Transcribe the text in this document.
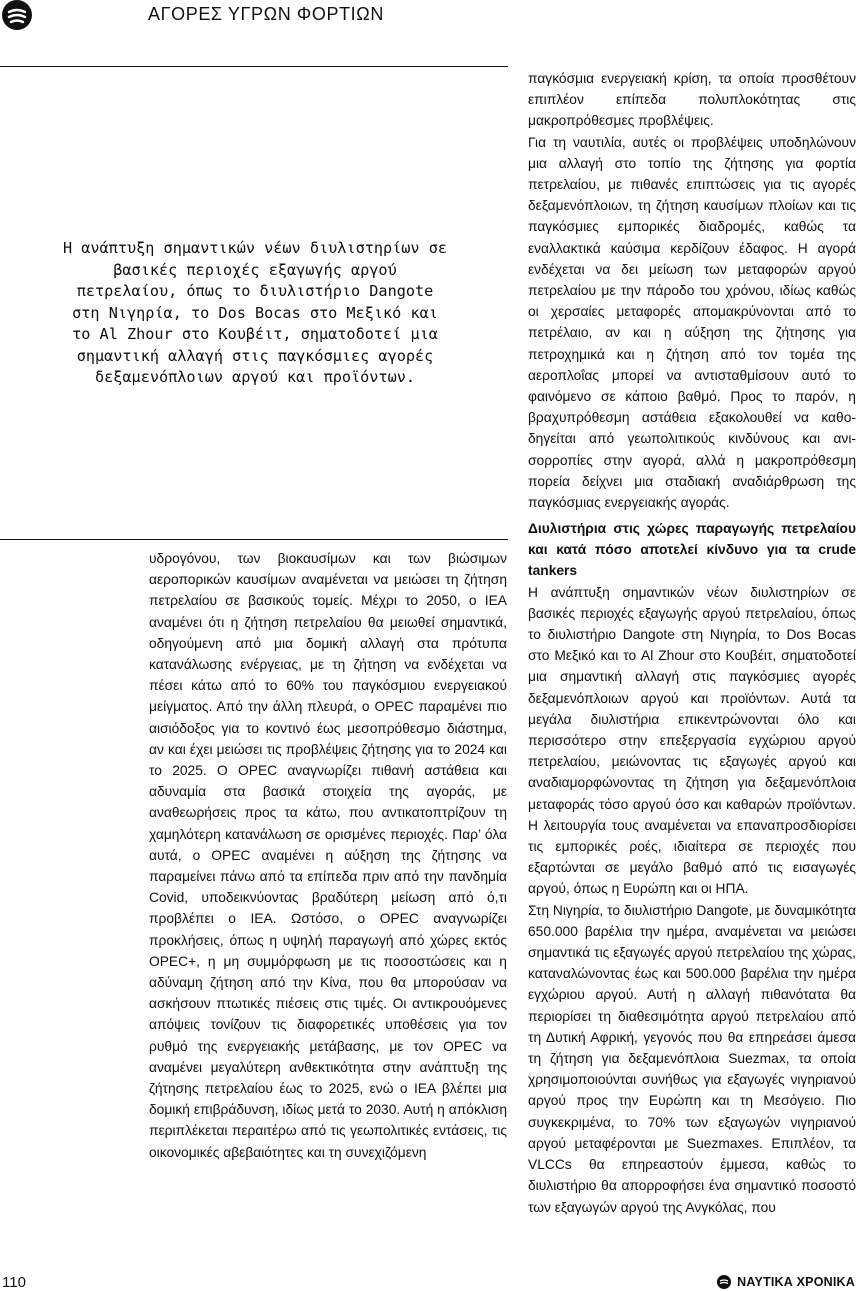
ΑΓΟΡΕΣ ΥΓΡΩΝ ΦΟΡΤΙΩΝ
Η ανάπτυξη σημαντικών νέων διυλιστηρίων σε βασικές περιοχές εξαγωγής αργού πετρελαίου, όπως το διυλιστήριο Dangote στη Νιγηρία, το Dos Bocas στο Μεξικό και το Al Zhour στο Κουβέιτ, σηματοδοτεί μια σημαντική αλλαγή στις παγκόσμιες αγορές δεξαμενόπλοιων αργού και προϊόντων.

υδρογόνου, των βιοκαυσίμων και των βιώσιμων αεροπορικών καυσίμων αναμένεται να μειώσει τη ζήτηση πετρελαίου σε βασικούς τομείς. Μέχρι το 2050, ο IEA αναμένει ότι η ζήτηση πετρελαίου θα μειωθεί σημαντικά, οδηγούμενη από μια δομική αλλαγή στα πρότυπα κατανάλωσης ενέργειας, με τη ζήτηση να ενδέχεται να πέσει κάτω από το 60% του παγκόσμιου ενεργειακού μείγματος. Από την άλλη πλευρά, ο OPEC παραμένει πιο αισιόδοξος για το κοντινό έως μεσοπρόθεσμο διάστημα, αν και έχει μειώσει τις προβλέψεις ζήτησης για το 2024 και το 2025. Ο OPEC αναγνωρίζει πιθανή αστάθεια και αδυναμία στα βασικά στοιχεία της αγοράς, με αναθεωρήσεις προς τα κάτω, που αντικατοπτρίζουν τη χαμηλότερη κατανάλωση σε ορισμένες περιοχές. Παρ’ όλα αυτά, ο OPEC αναμένει η αύξηση της ζήτησης να παραμείνει πάνω από τα επίπεδα πριν από την πανδημία Covid, υποδεικνύοντας βραδύτερη μείωση από ό,τι προβλέπει ο IEA. Ωστόσο, ο OPEC αναγνωρίζει προκλήσεις, όπως η υψηλή παραγωγή από χώρες εκτός OPEC+, η μη συμμόρφωση με τις ποσοστώσεις και η αδύναμη ζήτηση από την Κίνα, που θα μπορούσαν να ασκήσουν πτωτικές πιέσεις στις τιμές. Οι αντικρουόμενες απόψεις τονίζουν τις διαφορετικές υποθέσεις για τον ρυθμό της ενεργειακής μετάβασης, με τον OPEC να αναμένει μεγαλύτερη ανθεκτικότητα στην ανάπτυξη της ζήτησης πετρελαίου έως το 2025, ενώ ο IEA βλέπει μια δομική επιβράδυνση, ιδίως μετά το 2030. Αυτή η απόκλιση περιπλέκεται περαιτέρω από τις γεωπολιτικές εντάσεις, τις οικονομικές αβεβαιότητες και τη συνεχιζόμενη

παγκόσμια ενεργειακή κρίση, τα οποία προσθέτουν επιπλέον επίπεδα πολυπλοκότητας στις μακροπρόθεσμες προβλέψεις.

Για τη ναυτιλία, αυτές οι προβλέψεις υποδηλώνουν μια αλλαγή στο τοπίο της ζήτησης για φορτία πετρελαίου, με πιθανές επιπτώσεις για τις αγορές δεξαμενόπλοιων, τη ζήτηση καυσίμων πλοίων και τις παγκόσμιες εμπορικές διαδρομές, καθώς τα εναλλακτικά καύσιμα κερδίζουν έδαφος. Η αγορά ενδέχεται να δει μείωση των μεταφορών αργού πετρελαίου με την πάροδο του χρόνου, ιδίως καθώς οι χερσαίες μεταφορές απομακρύνονται από το πετρέλαιο, αν και η αύξηση της ζήτησης για πετροχημικά και η ζήτηση από τον τομέα της αεροπλοΐας μπορεί να αντισταθμίσουν αυτό το φαινόμενο σε κάποιο βαθμό. Προς το παρόν, η βραχυπρόθεσμη αστάθεια εξακολουθεί να καθοδηγείται από γεωπολιτικούς κινδύνους και ανισορροπίες στην αγορά, αλλά η μακροπρόθεσμη πορεία δείχνει μια σταδιακή αναδιάρθρωση της παγκόσμιας ενεργειακής αγοράς.

Διυλιστήρια στις χώρες παραγωγής πετρελαίου και κατά πόσο αποτελεί κίνδυνο για τα crude tankers

Η ανάπτυξη σημαντικών νέων διυλιστηρίων σε βασικές περιοχές εξαγωγής αργού πετρελαίου, όπως το διυλιστήριο Dangote στη Νιγηρία, το Dos Bocas στο Μεξικό και το Al Zhour στο Κουβέιτ, σηματοδοτεί μια σημαντική αλλαγή στις παγκόσμιες αγορές δεξαμενόπλοιων αργού και προϊόντων. Αυτά τα μεγάλα διυλιστήρια επικεντρώνονται όλο και περισσότερο στην επεξεργασία εγχώριου αργού πετρελαίου, μειώνοντας τις εξαγωγές αργού και αναδιαμορφώνοντας τη ζήτηση για δεξαμενόπλοια μεταφοράς τόσο αργού όσο και καθαρών προϊόντων. Η λειτουργία τους αναμένεται να επαναπροσδιορίσει τις εμπορικές ροές, ιδιαίτερα σε περιοχές που εξαρτώνται σε μεγάλο βαθμό από τις εισαγωγές αργού, όπως η Ευρώπη και οι ΗΠΑ.

Στη Νιγηρία, το διυλιστήριο Dangote, με δυναμικότητα 650.000 βαρέλια την ημέρα, αναμένεται να μειώσει σημαντικά τις εξαγωγές αργού πετρελαίου της χώρας, καταναλώνοντας έως και 500.000 βαρέλια την ημέρα εγχώριου αργού. Αυτή η αλλαγή πιθανότατα θα περιορίσει τη διαθεσιμότητα αργού πετρελαίου από τη Δυτική Αφρική, γεγονός που θα επηρεάσει άμεσα τη ζήτηση για δεξαμενόπλοια Suezmax, τα οποία χρησιμοποιούνται συνήθως για εξαγωγές νιγηριανού αργού προς την Ευρώπη και τη Μεσόγειο. Πιο συγκεκριμένα, το 70% των εξαγωγών νιγηριανού αργού μεταφέρονται με Suezmaxes. Επιπλέον, τα VLCCs θα επηρεαστούν έμμεσα, καθώς το διυλιστήριο θα απορροφήσει ένα σημαντικό ποσοστό των εξαγωγών αργού της Ανγκόλας, που

110	ΝΑΥΤΙΚΑ ΧΡΟΝΙΚΑ
